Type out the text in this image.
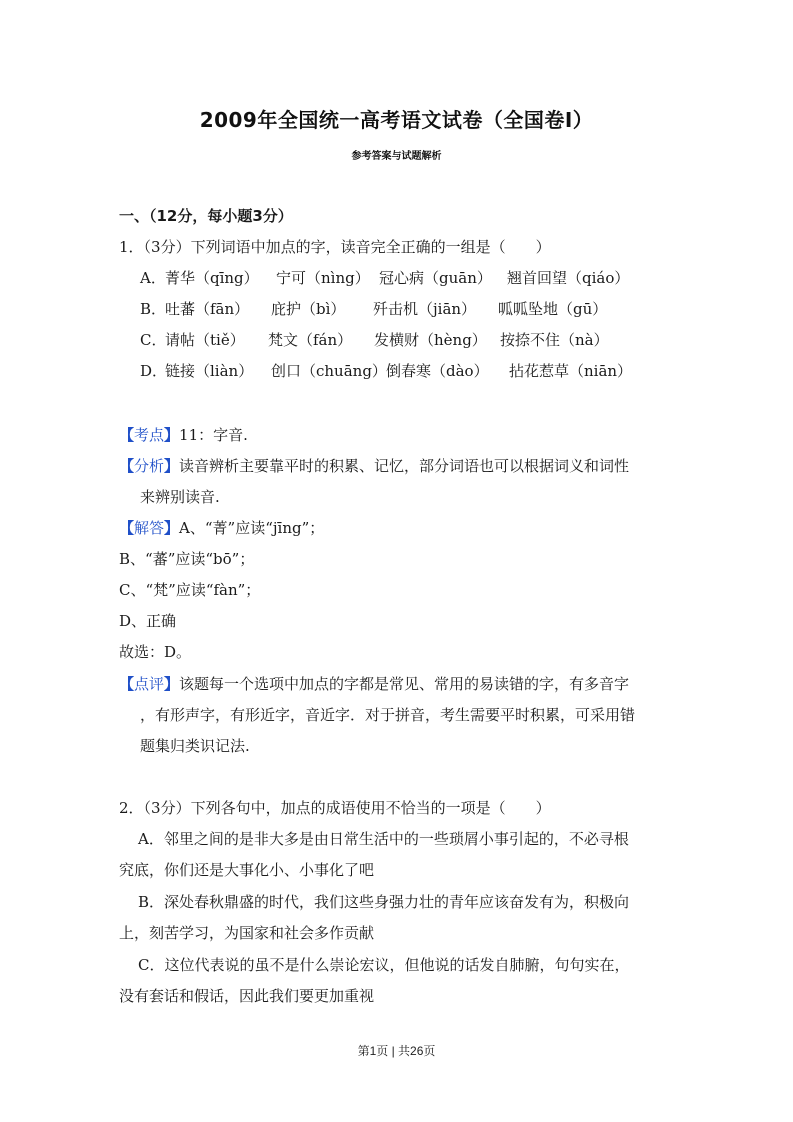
2009年全国统一高考语文试卷（全国卷Ⅰ）
参考答案与试题解析
一、（12分，每小题3分）
1．（3分）下列词语中加点的字，读音完全正确的一组是（　　）
A． 菁华（qīng） 宁可（nìng） 冠心病（guān） 翘首回望（qiáo）
B．
吐蕃（fān） 庇护（bì） 歼击机（jiān） 呱呱坠地（gū）
C．
请帖（tiě） 梵文（fán） 发横财（hèng） 按捺不住（nà）
D．
链接（liàn） 创口（chuāng） 倒春寒（dào） 拈花惹草（niān）
【考点】11：字音.
【分析】读音辨析主要靠平时的积累、记忆，部分词语也可以根据词义和词性
来辨别读音.
【解答】A、“菁”应读“jīng”；
B、“蕃”应读“bō”；
C、“梵”应读“fàn”；
D、正确
故选：D。
【点评】该题每一个选项中加点的字都是常见、常用的易读错的字，有多音字
，有形声字，有形近字，音近字．对于拼音，考生需要平时积累，可采用错
题集归类识记法.
2．（3分）下列各句中，加点的成语使用不恰当的一项是（　　）
A．邻里之间的是非大多是由日常生活中的一些琐屑小事引起的，不必寻根
究底，你们还是大事化小、小事化了吧
B．深处春秋鼎盛的时代，我们这些身强力壮的青年应该奋发有为，积极向
上，刻苦学习，为国家和社会多作贡献
C．这位代表说的虽不是什么崇论宏议，但他说的话发自肺腑，句句实在，
没有套话和假话，因此我们要更加重视
第1页 | 共26页
